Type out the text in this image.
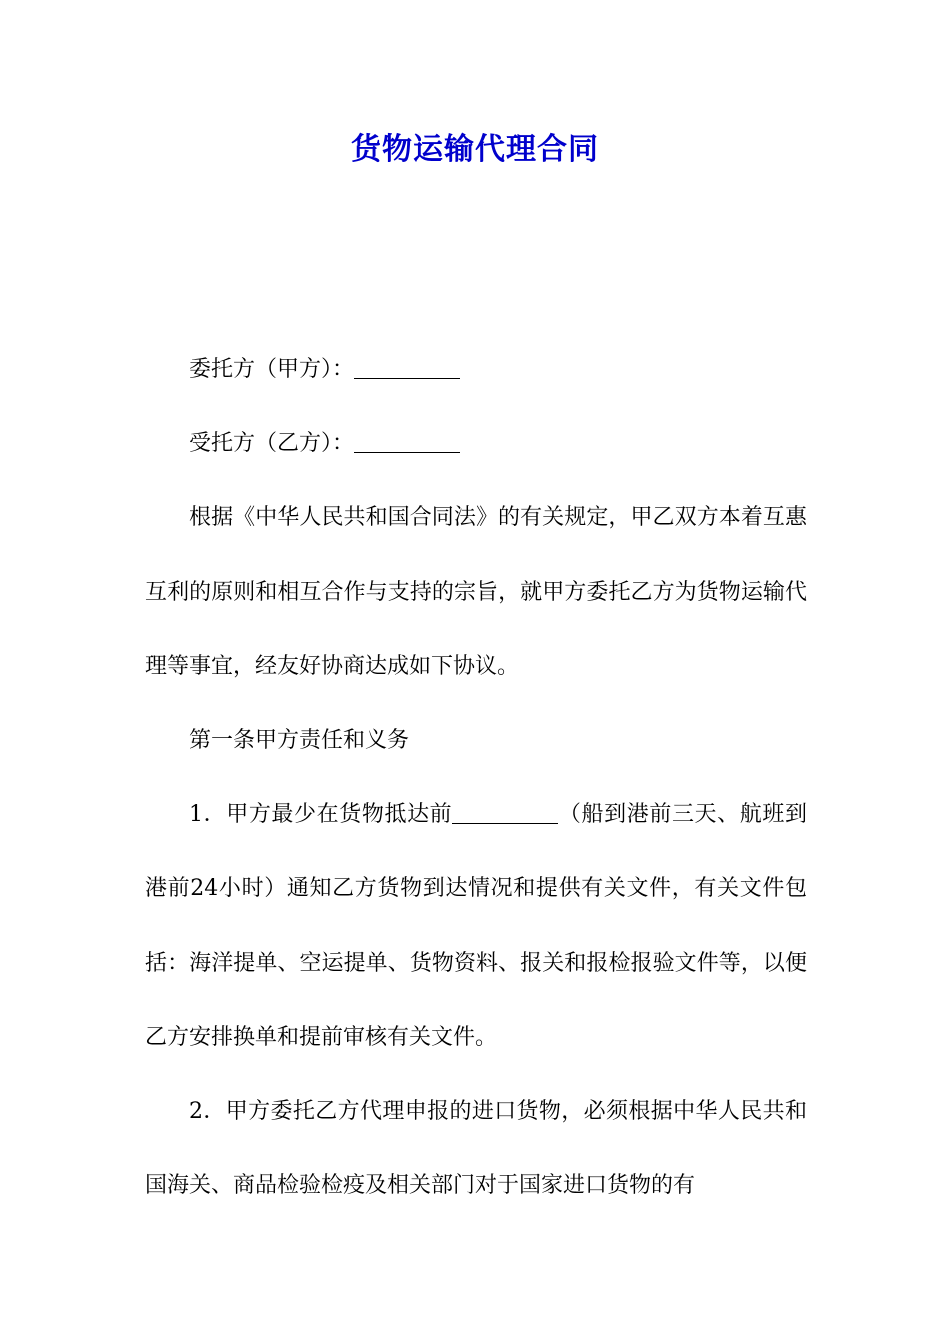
货物运输代理合同

委托方（甲方）：

受托方（乙方）：

根据《中华人民共和国合同法》的有关规定，甲乙双方本着互惠互利的原则和相互合作与支持的宗旨，就甲方委托乙方为货物运输代理等事宜，经友好协商达成如下协议。

第一条甲方责任和义务

1．甲方最少在货物抵达前	（船到港前三天、航班到港前24小时）通知乙方货物到达情况和提供有关文件，有关文件包括：海洋提单、空运提单、货物资料、报关和报检报验文件等，以便乙方安排换单和提前审核有关文件。

2．甲方委托乙方代理申报的进口货物，必须根据中华人民共和国海关、商品检验检疫及相关部门对于国家进口货物的有
